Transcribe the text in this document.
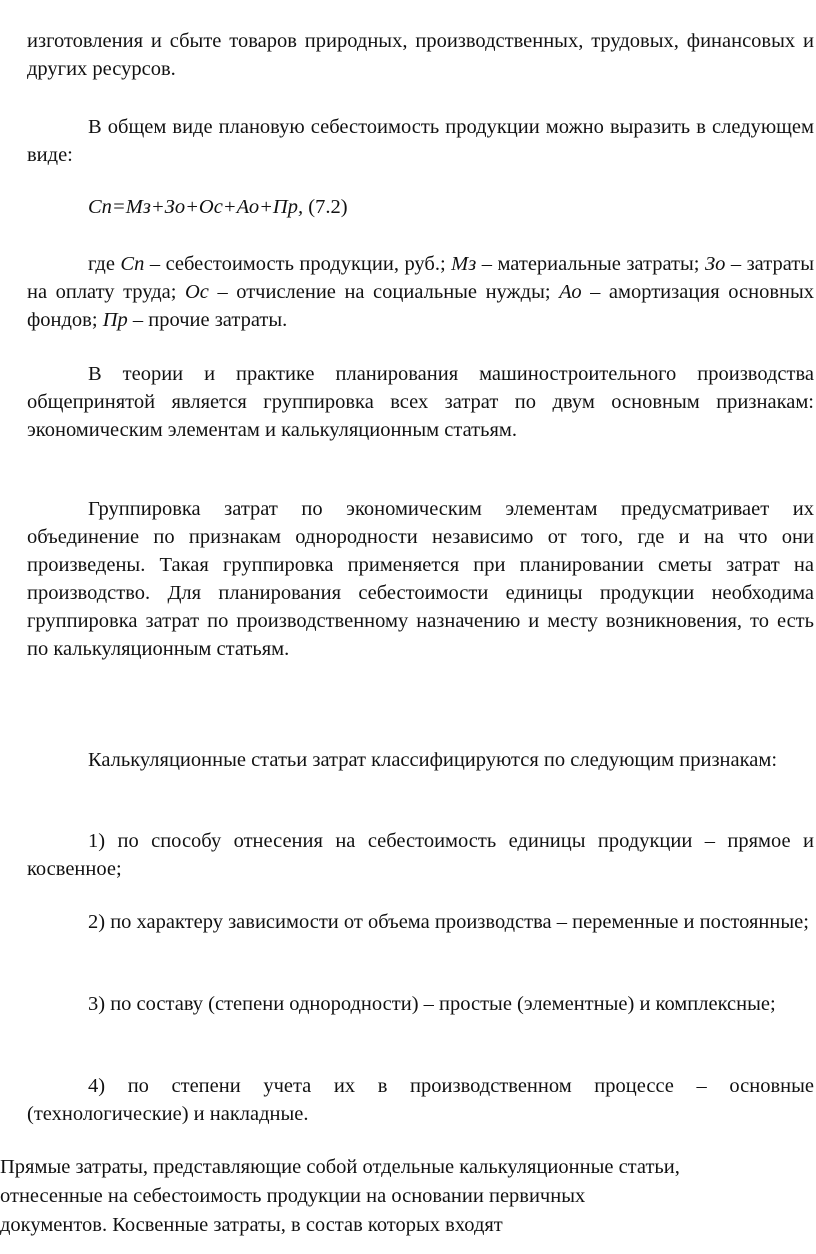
изготовления и сбыте товаров природных, производственных, трудовых, финансовых и других ресурсов.

В общем виде плановую себестоимость продукции можно выразить в следующем виде:

Сп=Мз+Зо+Ос+Ао+Пр, (7.2)

где Сп – себестоимость продукции, руб.; Мз – материальные затраты; Зо – затраты на оплату труда; Ос – отчисление на социальные нужды; Ао – амортизация основных фондов; Пр – прочие затраты.

В теории и практике планирования машиностроительного производства общепринятой является группировка всех затрат по двум основным признакам: экономическим элементам и калькуляционным статьям.

Группировка затрат по экономическим элементам предусматривает их объединение по признакам однородности независимо от того, где и на что они произведены. Такая группировка применяется при планировании сметы затрат на производство. Для планирования себестоимости единицы продукции необходима группировка затрат по производственному назначению и месту возникновения, то есть по калькуляционным статьям.

Калькуляционные статьи затрат классифицируются по следующим признакам:

1) по способу отнесения на себестоимость единицы продукции – прямое и косвенное;

2) по характеру зависимости от объема производства – переменные и постоянные;

3) по составу (степени однородности) – простые (элементные) и комплексные;

4) по степени учета их в производственном процессе – основные (технологические) и накладные.

Прямые затраты, представляющие собой отдельные калькуляционные статьи,
отнесенные на себестоимость продукции на основании первичных
документов. Косвенные затраты, в состав которых входят
